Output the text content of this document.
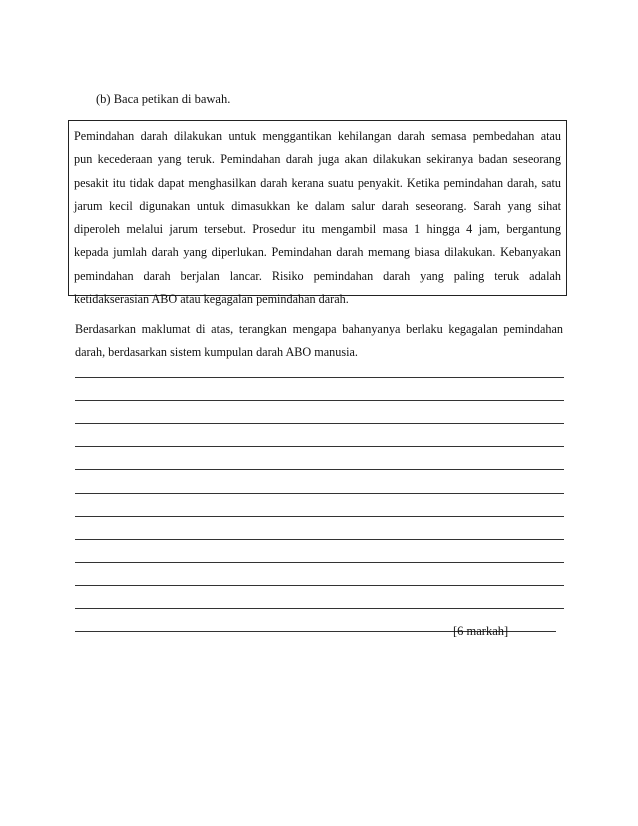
(b) Baca petikan di bawah.
Pemindahan darah dilakukan untuk menggantikan kehilangan darah semasa pembedahan atau
pun kecederaan yang teruk. Pemindahan darah juga akan dilakukan sekiranya badan seseorang
pesakit itu tidak dapat menghasilkan darah kerana suatu penyakit. Ketika pemindahan darah, satu
jarum kecil digunakan untuk dimasukkan ke dalam salur darah seseorang. Sarah yang sihat
diperoleh melalui jarum tersebut. Prosedur itu mengambil masa 1 hingga 4 jam, bergantung
kepada jumlah darah yang diperlukan. Pemindahan darah memang biasa dilakukan. Kebanyakan
pemindahan darah berjalan lancar. Risiko pemindahan darah yang paling teruk adalah
ketidakserasian ABO atau kegagalan pemindahan darah.
Berdasarkan maklumat di atas, terangkan mengapa bahanyanya berlaku kegagalan pemindahan
darah, berdasarkan sistem kumpulan darah ABO manusia.
[6 markah]
